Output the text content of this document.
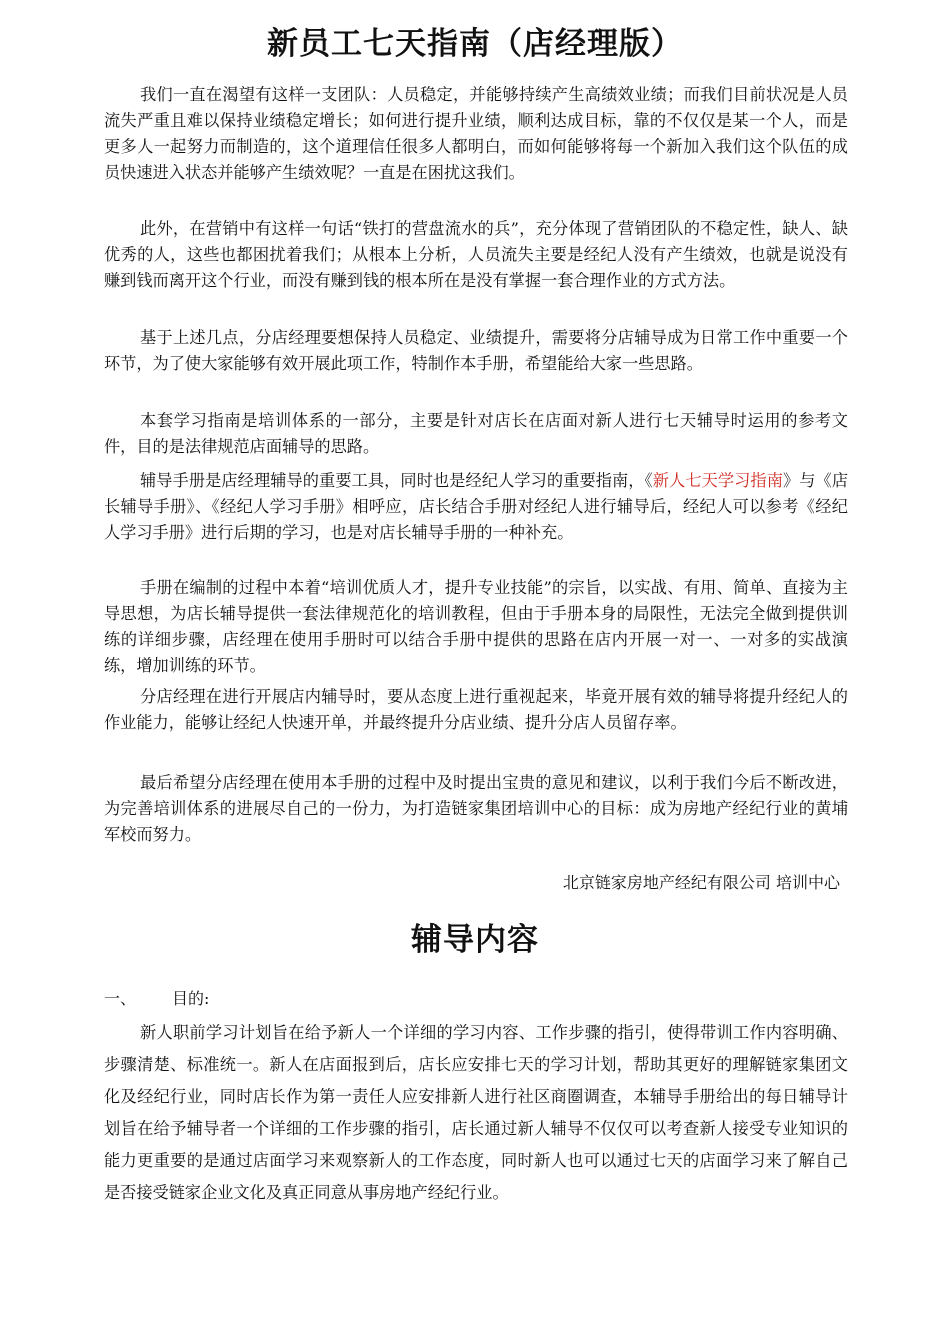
新员工七天指南（店经理版）

我们一直在渴望有这样一支团队：人员稳定，并能够持续产生高绩效业绩；而我们目前状况是人员流失严重且难以保持业绩稳定增长；如何进行提升业绩，顺利达成目标，靠的不仅仅是某一个人，而是更多人一起努力而制造的，这个道理信任很多人都明白，而如何能够将每一个新加入我们这个队伍的成员快速进入状态并能够产生绩效呢？一直是在困扰这我们。

此外，在营销中有这样一句话“铁打的营盘流水的兵”，充分体现了营销团队的不稳定性，缺人、缺优秀的人，这些也都困扰着我们；从根本上分析，人员流失主要是经纪人没有产生绩效，也就是说没有赚到钱而离开这个行业，而没有赚到钱的根本所在是没有掌握一套合理作业的方式方法。

基于上述几点，分店经理要想保持人员稳定、业绩提升，需要将分店辅导成为日常工作中重要一个环节，为了使大家能够有效开展此项工作，特制作本手册，希望能给大家一些思路。

本套学习指南是培训体系的一部分，主要是针对店长在店面对新人进行七天辅导时运用的参考文件，目的是法律规范店面辅导的思路。

辅导手册是店经理辅导的重要工具，同时也是经纪人学习的重要指南，《新人七天学习指南》与《店长辅导手册》、《经纪人学习手册》相呼应，店长结合手册对经纪人进行辅导后，经纪人可以参考《经纪人学习手册》进行后期的学习，也是对店长辅导手册的一种补充。

手册在编制的过程中本着“培训优质人才，提升专业技能”的宗旨，以实战、有用、简单、直接为主导思想，为店长辅导提供一套法律规范化的培训教程，但由于手册本身的局限性，无法完全做到提供训练的详细步骤，店经理在使用手册时可以结合手册中提供的思路在店内开展一对一、一对多的实战演练，增加训练的环节。

分店经理在进行开展店内辅导时，要从态度上进行重视起来，毕竟开展有效的辅导将提升经纪人的作业能力，能够让经纪人快速开单，并最终提升分店业绩、提升分店人员留存率。

最后希望分店经理在使用本手册的过程中及时提出宝贵的意见和建议，以利于我们今后不断改进，为完善培训体系的进展尽自己的一份力，为打造链家集团培训中心的目标：成为房地产经纪行业的黄埔军校而努力。

北京链家房地产经纪有限公司 培训中心
辅导内容
一、 目的:

新人职前学习计划旨在给予新人一个详细的学习内容、工作步骤的指引，使得带训工作内容明确、步骤清楚、标准统一。新人在店面报到后，店长应安排七天的学习计划，帮助其更好的理解链家集团文化及经纪行业，同时店长作为第一责任人应安排新人进行社区商圈调查，本辅导手册给出的每日辅导计划旨在给予辅导者一个详细的工作步骤的指引，店长通过新人辅导不仅仅可以考查新人接受专业知识的能力更重要的是通过店面学习来观察新人的工作态度，同时新人也可以通过七天的店面学习来了解自己是否接受链家企业文化及真正同意从事房地产经纪行业。
